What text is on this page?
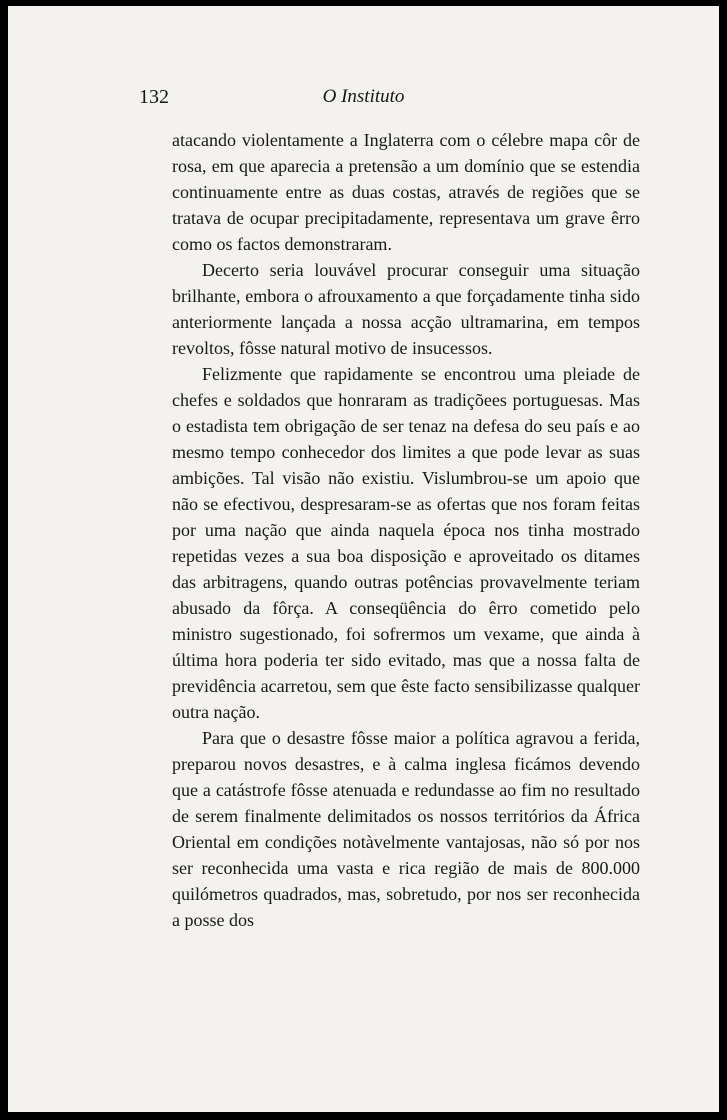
132	O Instituto

atacando violentamente a Inglaterra com o célebre mapa côr de rosa, em que aparecia a pretensão a um domínio que se estendia continuamente entre as duas costas, através de regiões que se tratava de ocupar precipitadamente, representava um grave êrro como os factos demonstraram.

Decerto seria louvável procurar conseguir uma situação brilhante, embora o afrouxamento a que forçadamente tinha sido anteriormente lançada a nossa acção ultramarina, em tempos revoltos, fôsse natural motivo de insucessos.

Felizmente que rapidamente se encontrou uma pleiade de chefes e soldados que honraram as tradiçõees portuguesas. Mas o estadista tem obrigação de ser tenaz na defesa do seu país e ao mesmo tempo conhecedor dos limites a que pode levar as suas ambições. Tal visão não existiu. Vislumbrou-se um apoio que não se efectivou, despresaram-se as ofertas que nos foram feitas por uma nação que ainda naquela época nos tinha mostrado repetidas vezes a sua boa disposição e aproveitado os ditames das arbitragens, quando outras potências provavelmente teriam abusado da fôrça. A conseqüência do êrro cometido pelo ministro sugestionado, foi sofrermos um vexame, que ainda à última hora poderia ter sido evitado, mas que a nossa falta de previdência acarretou, sem que êste facto sensibilizasse qualquer outra nação.

Para que o desastre fôsse maior a política agravou a ferida, preparou novos desastres, e à calma inglesa ficámos devendo que a catástrofe fôsse atenuada e redundasse ao fim no resultado de serem finalmente delimitados os nossos territórios da África Oriental em condições notàvelmente vantajosas, não só por nos ser reconhecida uma vasta e rica região de mais de 800.000 quilómetros quadrados, mas, sobretudo, por nos ser reconhecida a posse dos
